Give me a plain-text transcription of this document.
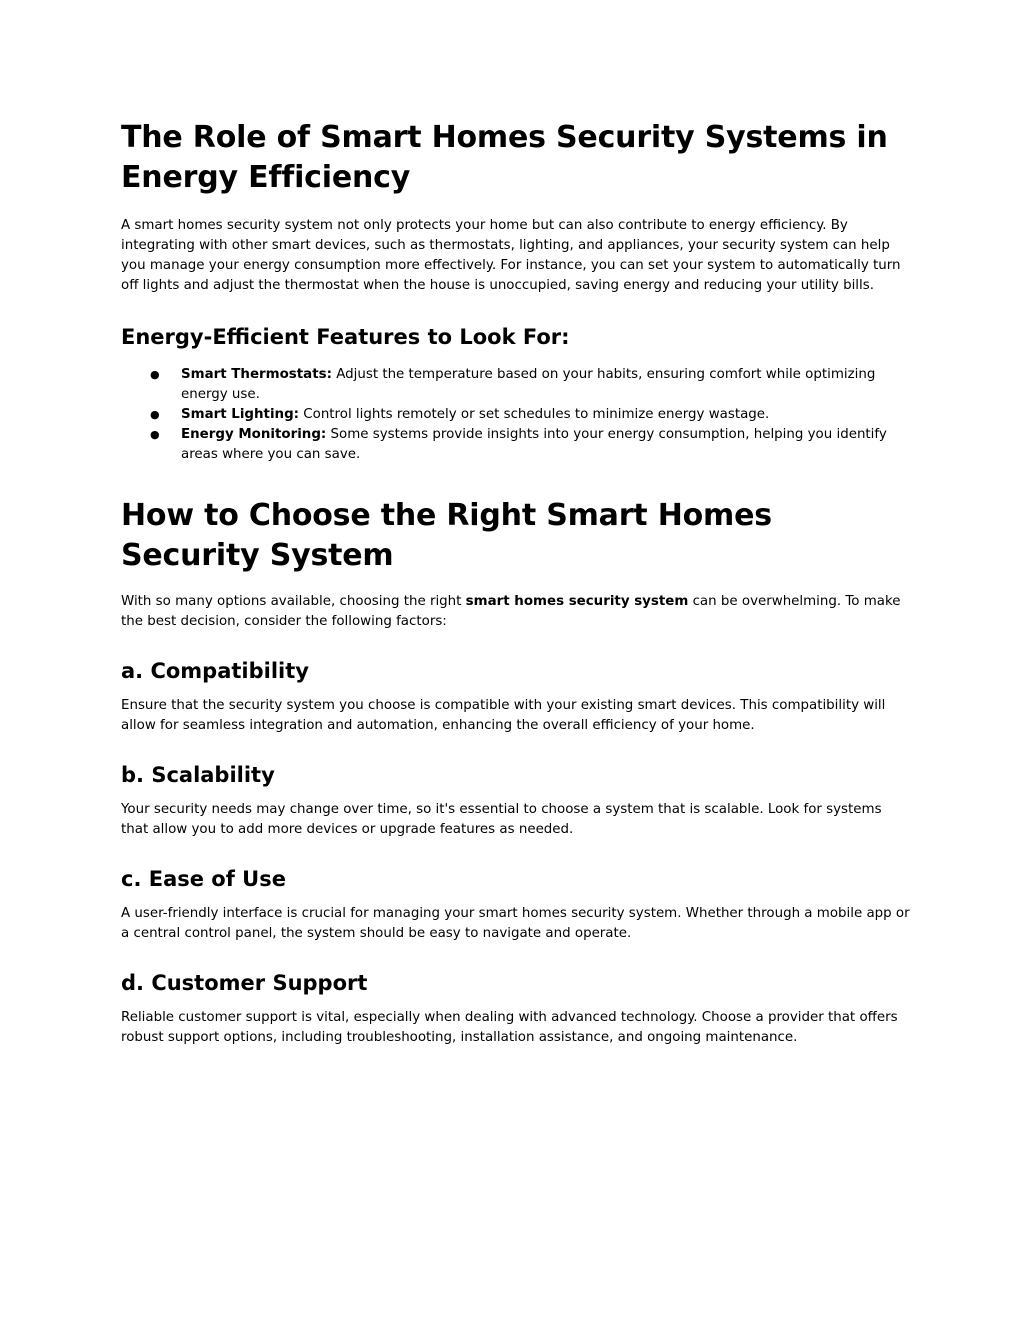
The Role of Smart Homes Security Systems in Energy Efficiency

A smart homes security system not only protects your home but can also contribute to energy efficiency. By integrating with other smart devices, such as thermostats, lighting, and appliances, your security system can help you manage your energy consumption more effectively. For instance, you can set your system to automatically turn off lights and adjust the thermostat when the house is unoccupied, saving energy and reducing your utility bills.

Energy-Efficient Features to Look For:
● Smart Thermostats: Adjust the temperature based on your habits, ensuring comfort while optimizing energy use.
● Smart Lighting: Control lights remotely or set schedules to minimize energy wastage.
● Energy Monitoring: Some systems provide insights into your energy consumption, helping you identify areas where you can save.
How to Choose the Right Smart Homes Security System

With so many options available, choosing the right smart homes security system can be overwhelming. To make the best decision, consider the following factors:

a. Compatibility

Ensure that the security system you choose is compatible with your existing smart devices. This compatibility will allow for seamless integration and automation, enhancing the overall efficiency of your home.

b. Scalability

Your security needs may change over time, so it's essential to choose a system that is scalable. Look for systems that allow you to add more devices or upgrade features as needed.

c. Ease of Use

A user-friendly interface is crucial for managing your smart homes security system. Whether through a mobile app or a central control panel, the system should be easy to navigate and operate.

d. Customer Support

Reliable customer support is vital, especially when dealing with advanced technology. Choose a provider that offers robust support options, including troubleshooting, installation assistance, and ongoing maintenance.
